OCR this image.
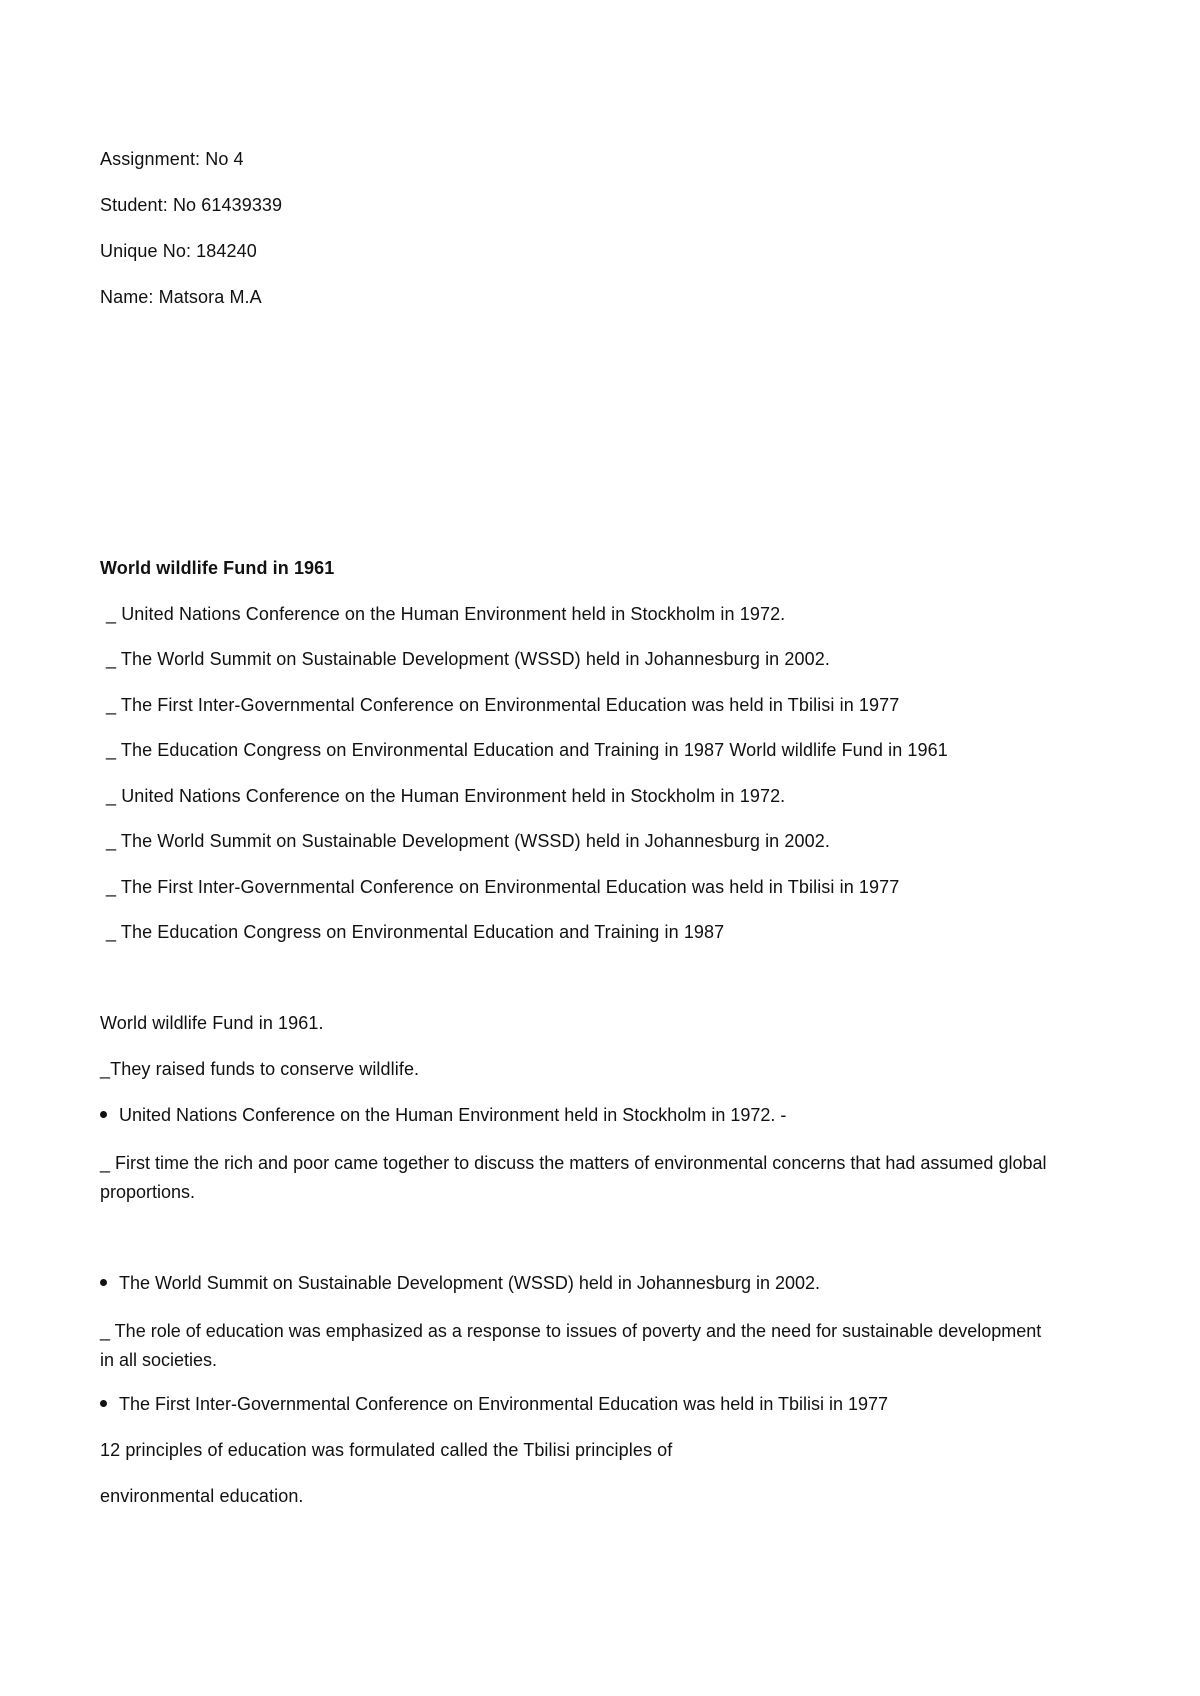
Assignment: No 4
Student: No 61439339
Unique No: 184240
Name: Matsora M.A
World wildlife Fund in 1961
_ United Nations Conference on the Human Environment held in Stockholm in 1972.
_ The World Summit on Sustainable Development (WSSD) held in Johannesburg in 2002.
_ The First Inter-Governmental Conference on Environmental Education was held in Tbilisi in 1977
_ The Education Congress on Environmental Education and Training in 1987 World wildlife Fund in 1961
_ United Nations Conference on the Human Environment held in Stockholm in 1972.
_ The World Summit on Sustainable Development (WSSD) held in Johannesburg in 2002.
_ The First Inter-Governmental Conference on Environmental Education was held in Tbilisi in 1977
_ The Education Congress on Environmental Education and Training in 1987
World wildlife Fund in 1961.
_They raised funds to conserve wildlife.
United Nations Conference on the Human Environment held in Stockholm in 1972. -
_ First time the rich and poor came together to discuss the matters of environmental concerns that had assumed global proportions.
The World Summit on Sustainable Development (WSSD) held in Johannesburg in 2002.
_ The role of education was emphasized as a response to issues of poverty and the need for sustainable development in all societies.
The First Inter-Governmental Conference on Environmental Education was held in Tbilisi in 1977
12 principles of education was formulated called the Tbilisi principles of
environmental education.
